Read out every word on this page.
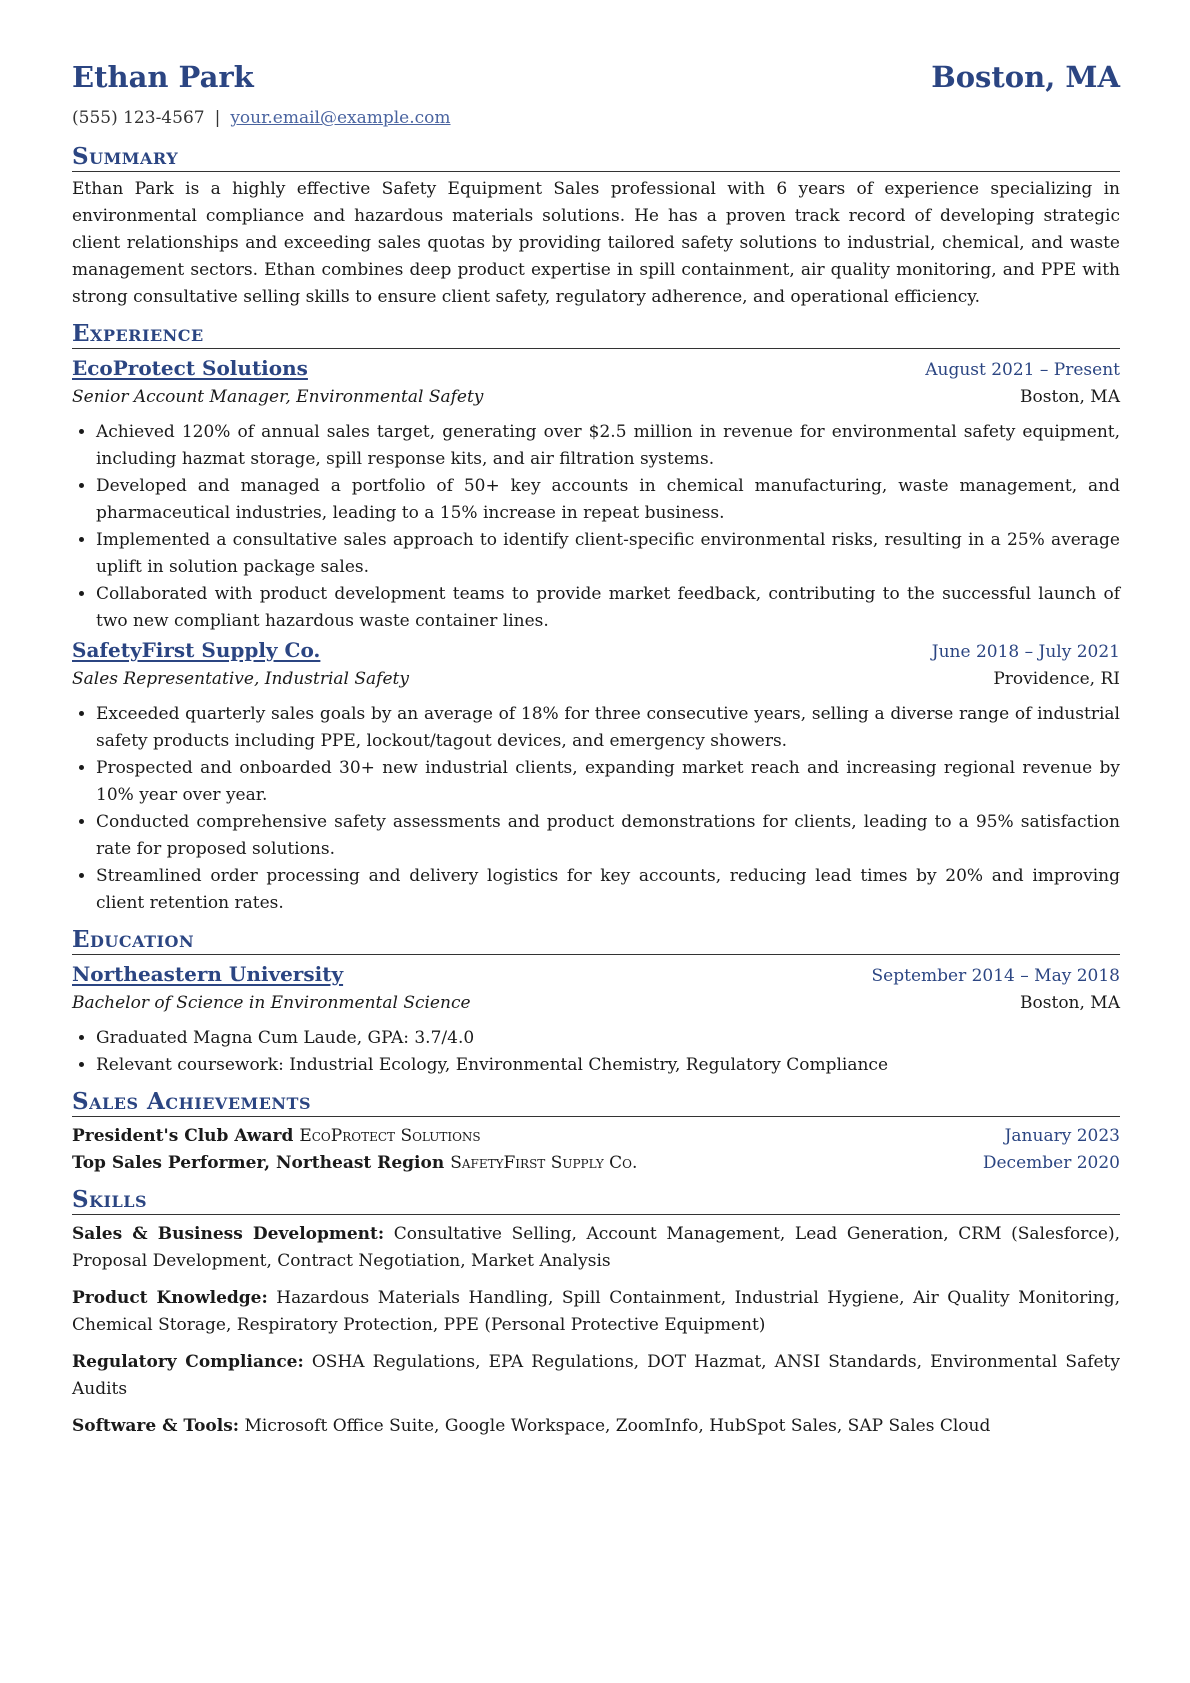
Ethan Park	Boston, MA
(555) 123-4567 | your.email@example.com
Summary

Ethan Park is a highly effective Safety Equipment Sales professional with 6 years of experience specializing in environmental compliance and hazardous materials solutions. He has a proven track record of developing strategic client relationships and exceeding sales quotas by providing tailored safety solutions to industrial, chemical, and waste management sectors. Ethan combines deep product expertise in spill containment, air quality monitoring, and PPE with strong consultative selling skills to ensure client safety, regulatory adherence, and operational efficiency.

Experience
EcoProtect Solutions	August 2021 – Present
Senior Account Manager, Environmental Safety	Boston, MA
• Achieved 120% of annual sales target, generating over $2.5 million in revenue for environmental safety equipment, including hazmat storage, spill response kits, and air filtration systems.
• Developed and managed a portfolio of 50+ key accounts in chemical manufacturing, waste management, and pharmaceutical industries, leading to a 15% increase in repeat business.
• Implemented a consultative sales approach to identify client-specific environmental risks, resulting in a 25% average uplift in solution package sales.
• Collaborated with product development teams to provide market feedback, contributing to the successful launch of two new compliant hazardous waste container lines.
SafetyFirst Supply Co.	June 2018 – July 2021
Sales Representative, Industrial Safety	Providence, RI
• Exceeded quarterly sales goals by an average of 18% for three consecutive years, selling a diverse range of industrial safety products including PPE, lockout/tagout devices, and emergency showers.
• Prospected and onboarded 30+ new industrial clients, expanding market reach and increasing regional revenue by 10% year over year.
• Conducted comprehensive safety assessments and product demonstrations for clients, leading to a 95% satisfaction rate for proposed solutions.
• Streamlined order processing and delivery logistics for key accounts, reducing lead times by 20% and improving client retention rates.
Education
Northeastern University	September 2014 – May 2018
Bachelor of Science in Environmental Science	Boston, MA
• Graduated Magna Cum Laude, GPA: 3.7/4.0
• Relevant coursework: Industrial Ecology, Environmental Chemistry, Regulatory Compliance
Sales Achievements
President's Club Award EcoProtect Solutions	January 2023
Top Sales Performer, Northeast Region SafetyFirst Supply Co.	December 2020
Skills
Sales & Business Development: Consultative Selling, Account Management, Lead Generation, CRM (Salesforce), Proposal Development, Contract Negotiation, Market Analysis
Product Knowledge: Hazardous Materials Handling, Spill Containment, Industrial Hygiene, Air Quality Monitoring, Chemical Storage, Respiratory Protection, PPE (Personal Protective Equipment)
Regulatory Compliance: OSHA Regulations, EPA Regulations, DOT Hazmat, ANSI Standards, Environmental Safety Audits
Software & Tools: Microsoft Office Suite, Google Workspace, ZoomInfo, HubSpot Sales, SAP Sales Cloud
